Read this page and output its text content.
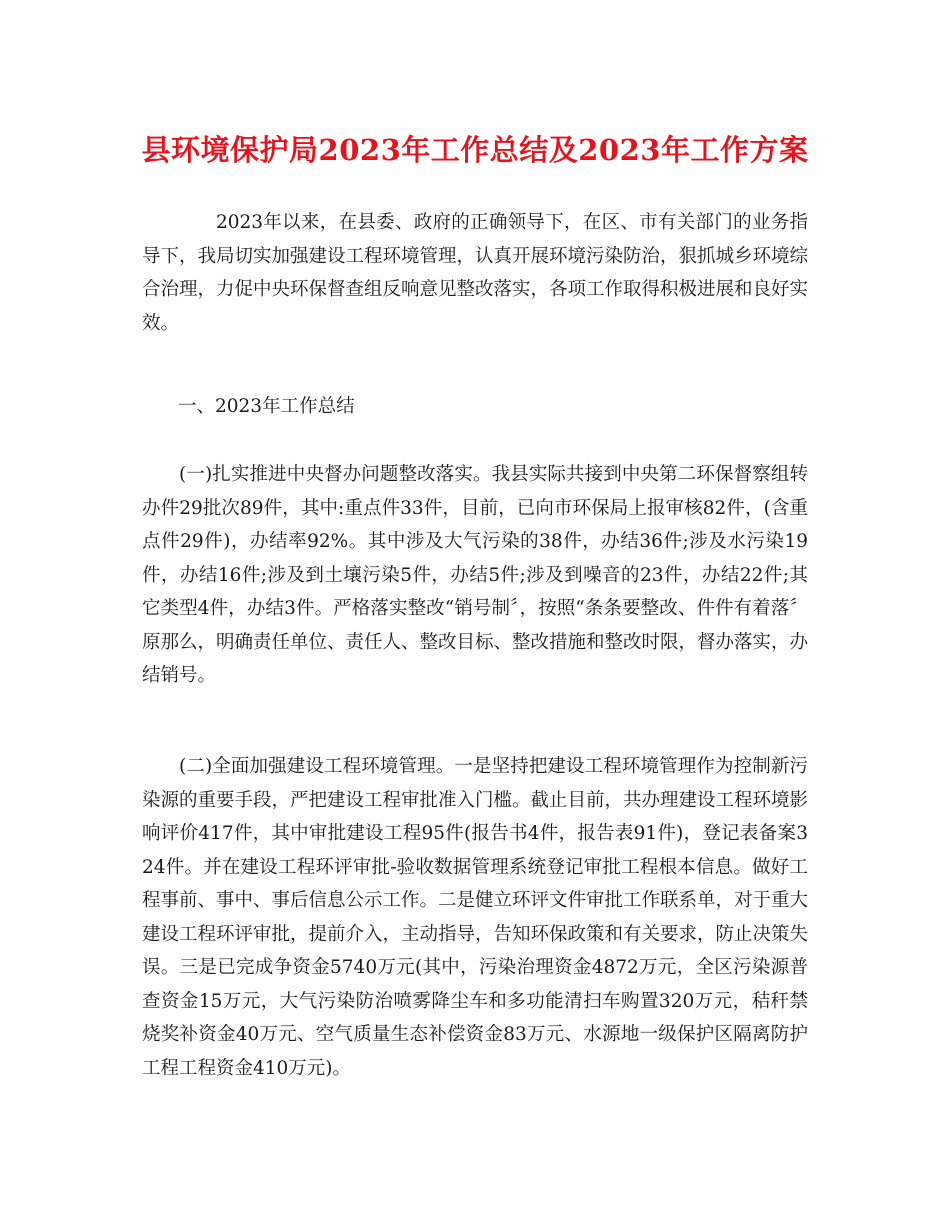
县环境保护局2023年工作总结及2023年工作方案

2023年以来，在县委、政府的正确领导下，在区、市有关部门的业务指导下，我局切实加强建设工程环境管理，认真开展环境污染防治，狠抓城乡环境综合治理，力促中央环保督查组反响意见整改落实，各项工作取得积极进展和良好实效。

一、2023年工作总结

(一)扎实推进中央督办问题整改落实。我县实际共接到中央第二环保督察组转办件29批次89件，其中:重点件33件，目前，已向市环保局上报审核82件，(含重点件29件)，办结率92%。其中涉及大气污染的38件，办结36件;涉及水污染19件，办结16件;涉及到土壤污染5件，办结5件;涉及到噪音的23件，办结22件;其它类型4件，办结3件。严格落实整改“销号制〞，按照“条条要整改、件件有着落〞原那么，明确责任单位、责任人、整改目标、整改措施和整改时限，督办落实，办结销号。

(二)全面加强建设工程环境管理。一是坚持把建设工程环境管理作为控制新污染源的重要手段，严把建设工程审批准入门槛。截止目前，共办理建设工程环境影响评价417件，其中审批建设工程95件(报告书4件，报告表91件)，登记表备案324件。并在建设工程环评审批-验收数据管理系统登记审批工程根本信息。做好工程事前、事中、事后信息公示工作。二是健立环评文件审批工作联系单，对于重大建设工程环评审批，提前介入，主动指导，告知环保政策和有关要求，防止决策失误。三是已完成争资金5740万元(其中，污染治理资金4872万元，全区污染源普查资金15万元，大气污染防治喷雾降尘车和多功能清扫车购置320万元，秸秆禁烧奖补资金40万元、空气质量生态补偿资金83万元、水源地一级保护区隔离防护工程工程资金410万元)。
